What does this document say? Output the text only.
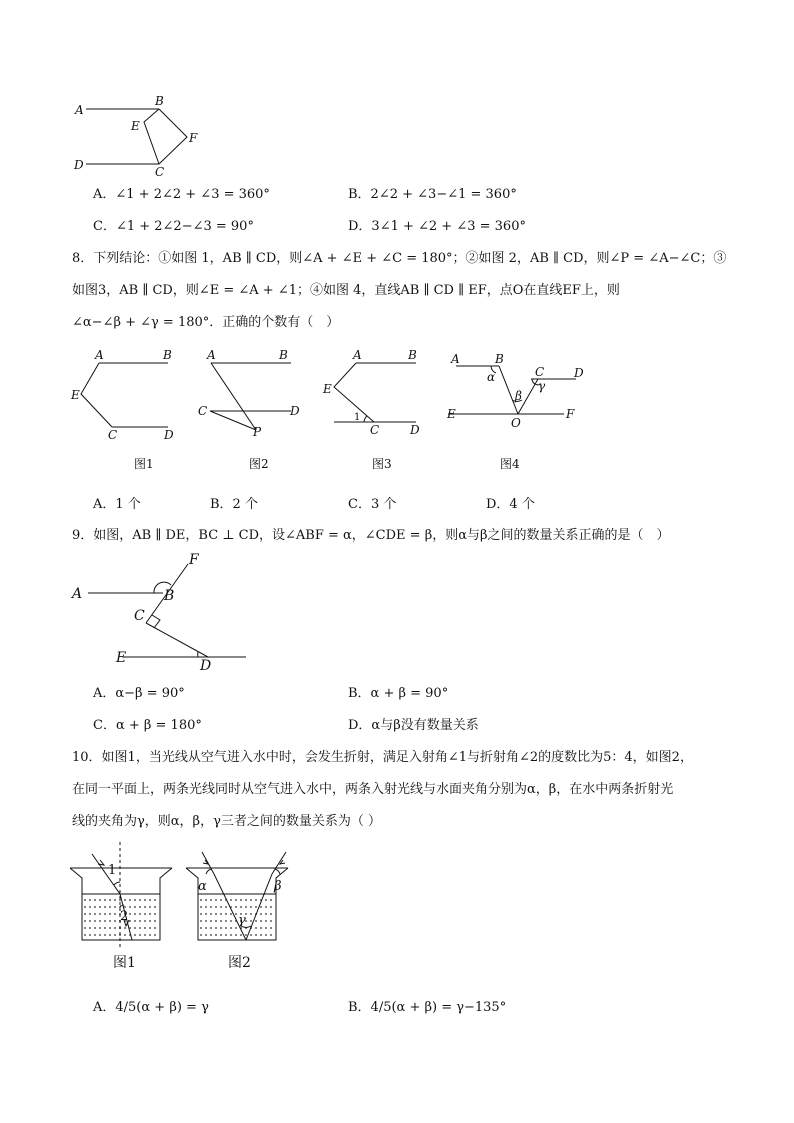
A
B
E
F
D	C
A．∠1 + 2∠2 + ∠3 = 360°	B．2∠2 + ∠3−∠1 = 360°
C．∠1 + 2∠2−∠3 = 90°	D．3∠1 + ∠2 + ∠3 = 360°
8．下列结论：①如图 1，AB ∥ CD，则∠A + ∠E + ∠C = 180°；②如图 2，AB ∥ CD，则∠P = ∠A−∠C；③
如图3，AB ∥ CD，则∠E = ∠A + ∠1；④如图 4，直线AB ∥ CD ∥ EF，点O在直线EF上，则
∠α−∠β + ∠γ = 180°．正确的个数有（　）
A	B
E
C	D
图1
A	B
C	D
P
图2
A	B
E
1
C	D
图3
A	B
C D
α
γ
β
E
O
F
图4
A．1 个	B．2 个	C．3 个	D．4 个
9．如图，AB ∥ DE，BC ⊥ CD，设∠ABF = α，∠CDE = β，则α与β之间的数量关系正确的是（　）
F
A	B
C
E	D
A．α−β = 90°	B．α + β = 90°
C．α + β = 180°	D．α与β没有数量关系
10．如图1，当光线从空气进入水中时，会发生折射，满足入射角∠1与折射角∠2的度数比为5：4，如图2，
在同一平面上，两条光线同时从空气进入水中，两条入射光线与水面夹角分别为α，β，在水中两条折射光
线的夹角为γ，则α，β，γ三者之间的数量关系为（ ）
1
2
图1
α	β
γ
图2
A．4/5(α + β) = γ	B．4/5(α + β) = γ−135°
